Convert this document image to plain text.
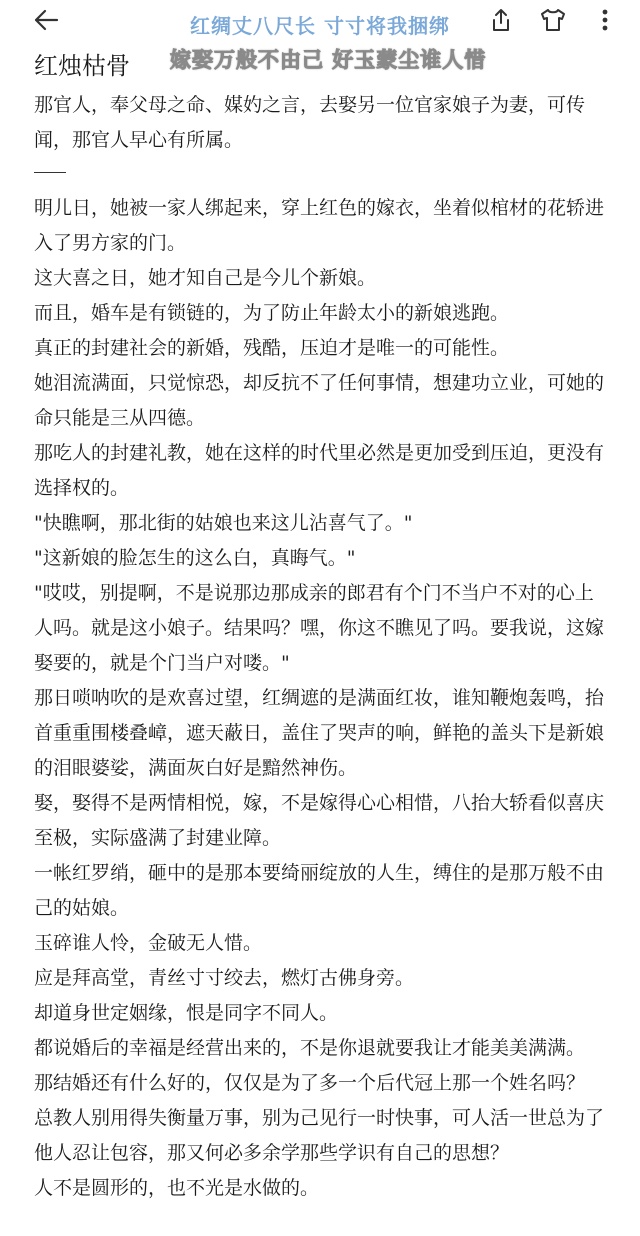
红烛枯骨
红绸丈八尺长 寸寸将我捆绑
嫁娶万般不由己 好玉蒙尘谁人惜

那官人，奉父母之命、媒妁之言，去娶另一位官家娘子为妻，可传闻，那官人早心有所属。

明儿日，她被一家人绑起来，穿上红色的嫁衣，坐着似棺材的花轿进入了男方家的门。

这大喜之日，她才知自己是今儿个新娘。

而且，婚车是有锁链的，为了防止年龄太小的新娘逃跑。

真正的封建社会的新婚，残酷，压迫才是唯一的可能性。

她泪流满面，只觉惊恐，却反抗不了任何事情，想建功立业，可她的命只能是三从四德。

那吃人的封建礼教，她在这样的时代里必然是更加受到压迫，更没有选择权的。

"快瞧啊，那北街的姑娘也来这儿沾喜气了。"

"这新娘的脸怎生的这么白，真晦气。"

"哎哎，别提啊，不是说那边那成亲的郎君有个门不当户不对的心上人吗。就是这小娘子。结果吗？嘿，你这不瞧见了吗。要我说，这嫁娶要的，就是个门当户对喽。"

那日唢呐吹的是欢喜过望，红绸遮的是满面红妆，谁知鞭炮轰鸣，抬首重重围楼叠嶂，遮天蔽日，盖住了哭声的响，鲜艳的盖头下是新娘的泪眼婆娑，满面灰白好是黯然神伤。

娶，娶得不是两情相悦，嫁，不是嫁得心心相惜，八抬大轿看似喜庆至极，实际盛满了封建业障。

一帐红罗绡，砸中的是那本要绮丽绽放的人生，缚住的是那万般不由己的姑娘。

玉碎谁人怜，金破无人惜。

应是拜高堂，青丝寸寸绞去，燃灯古佛身旁。

却道身世定姻缘，恨是同字不同人。

都说婚后的幸福是经营出来的，不是你退就要我让才能美美满满。

那结婚还有什么好的，仅仅是为了多一个后代冠上那一个姓名吗？

总教人别用得失衡量万事，别为己见行一时快事，可人活一世总为了他人忍让包容，那又何必多余学那些学识有自己的思想？

人不是圆形的，也不光是水做的。
